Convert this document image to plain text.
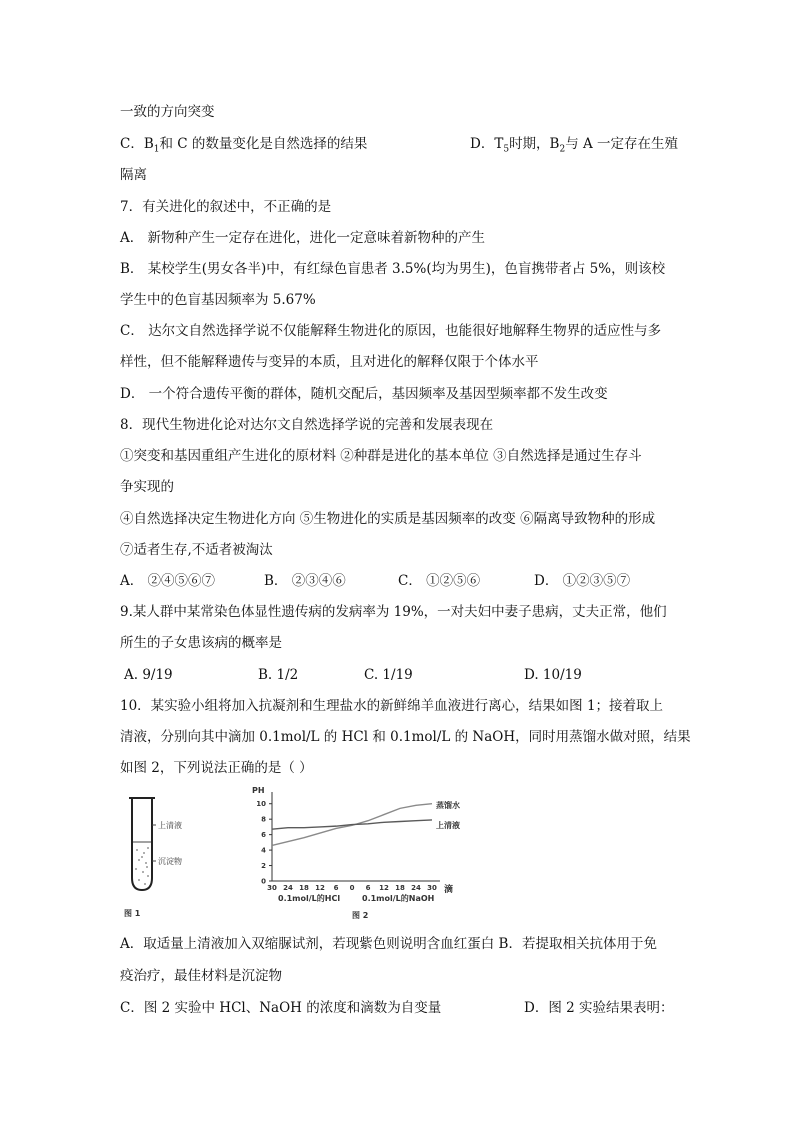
一致的方向突变
C．$B_1$和 C 的数量变化是自然选择的结果	D．$T_5$时期，$B_2$与 A 一定存在生殖
隔离
7．有关进化的叙述中，不正确的是
A． 新物种产生一定存在进化，进化一定意味着新物种的产生
B． 某校学生(男女各半)中，有红绿色盲患者 3.5%(均为男生)，色盲携带者占 5%，则该校
学生中的色盲基因频率为 5.67%
C． 达尔文自然选择学说不仅能解释生物进化的原因，也能很好地解释生物界的适应性与多
样性，但不能解释遗传与变异的本质，且对进化的解释仅限于个体水平
D． 一个符合遗传平衡的群体，随机交配后，基因频率及基因型频率都不发生改变
8．现代生物进化论对达尔文自然选择学说的完善和发展表现在
①突变和基因重组产生进化的原材料 ②种群是进化的基本单位 ③自然选择是通过生存斗
争实现的
④自然选择决定生物进化方向 ⑤生物进化的实质是基因频率的改变 ⑥隔离导致物种的形成
⑦适者生存,不适者被淘汰
A． ②④⑤⑥⑦	B． ②③④⑥	C． ①②⑤⑥	D． ①②③⑤⑦
9.某人群中某常染色体显性遗传病的发病率为 19%，一对夫妇中妻子患病，丈夫正常，他们
所生的子女患该病的概率是
A. 9/19	B. 1/2	C. 1/19	D. 10/19
10．某实验小组将加入抗凝剂和生理盐水的新鲜绵羊血液进行离心，结果如图 1；接着取上
清液，分别向其中滴加 0.1mol/L 的 HCl 和 0.1mol/L 的 NaOH，同时用蒸馏水做对照，结果
如图 2，下列说法正确的是（ ）
上清液
沉淀物
图 1
0
2
4
6
8
10
30 24 18 12 6 0 6 12 18 24 30
PH
蒸馏水
上清液
滴
0.1mol/L的HCl	0.1mol/L的NaOH
图 2
A．取适量上清液加入双缩脲试剂，若现紫色则说明含血红蛋白 B．若提取相关抗体用于免
疫治疗，最佳材料是沉淀物
C．图 2 实验中 HCl、NaOH 的浓度和滴数为自变量	D．图 2 实验结果表明：
